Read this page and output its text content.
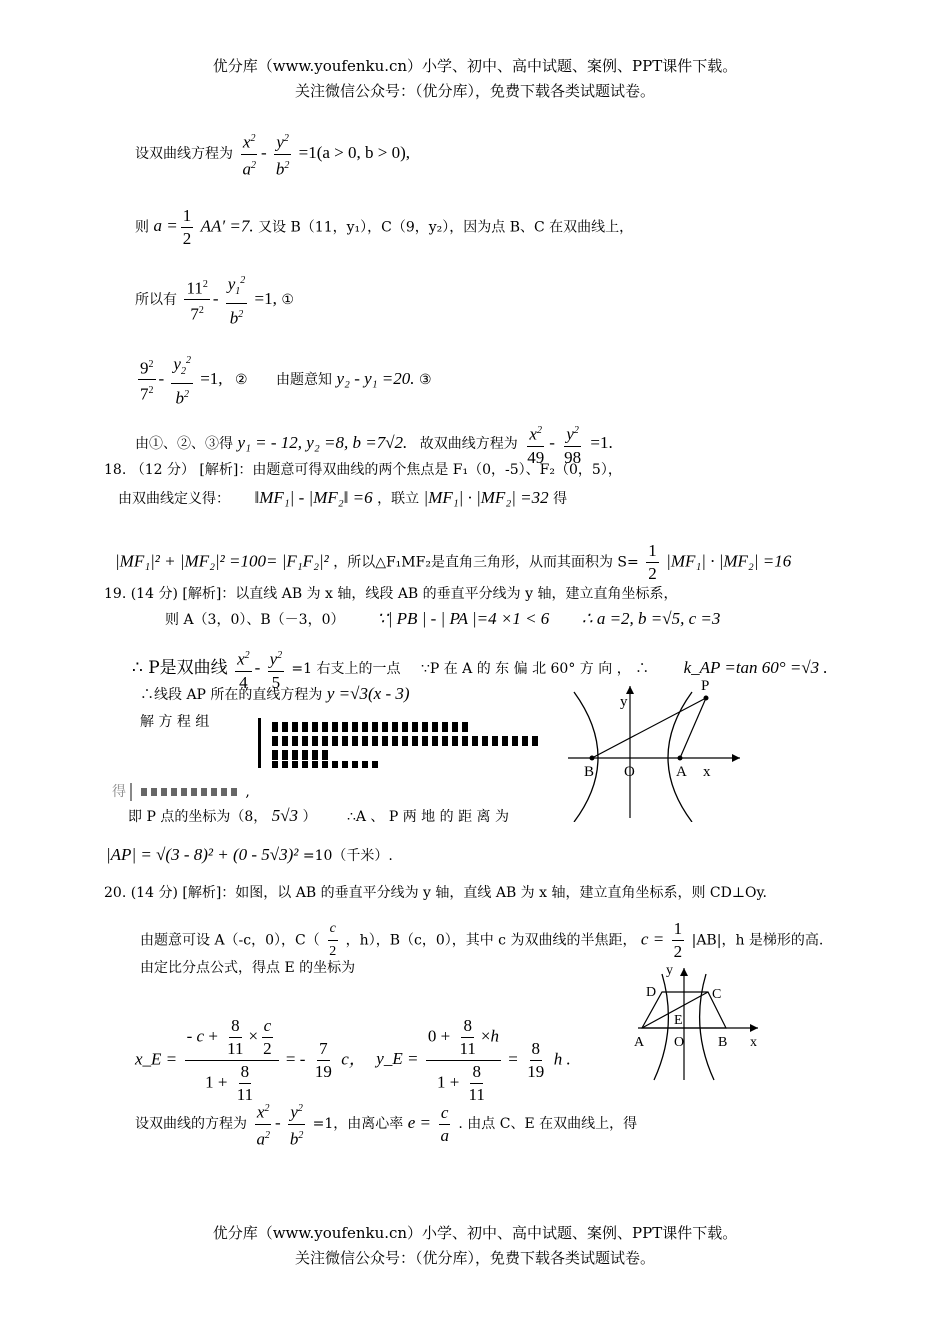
优分库（www.youfenku.cn）小学、初中、高中试题、案例、PPT课件下载。
关注微信公众号：（优分库），免费下载各类试题试卷。
设双曲线方程为 $\frac{x^2}{a^2} - \frac{y^2}{b^2} =1(a > 0$, b > 0),
则 $a = \frac{1}{2} AA' =7$. 又设 B（11，y₁），C（9，y₂），因为点 B、C 在双曲线上，
所以有 $\frac{11^2}{7^2} - \frac{y_1^2}{b^2} =1$, ①
$\frac{9^2}{7^2} - \frac{y_2^2}{b^2} =1$, ② 由题意知 y₂ - y₁ =20. ③
由①、②、③得 y₁ = - 12, y₂ =8, b =7√2. 故双曲线方程为 $\frac{x^2}{49} - \frac{y^2}{98} =1$.
18. （12 分） [解析]：由题意可得双曲线的两个焦点是 F₁（0，-5）、F₂（0，5），
由双曲线定义得： ‖MF₁| - |MF₂‖ =6 ，联立 |MF₁| · |MF₂| =32 得
|MF₁|² + |MF₂|² =100= |F₁F₂|² ，所以△F₁MF₂是直角三角形，从而其面积为 $S= \frac{1}{2} |MF_1| \cdot |MF_2| =16$
19. (14 分) [解析]：以直线 AB 为 x 轴，线段 AB 的垂直平分线为 y 轴，建立直角坐标系，
则 A（3，0）、B（－3，0） ∵| PB | - | PA |=4 ×1 < 6 ∴ a =2, b =√5, c =3
∴ P是双曲线 $\frac{x^2}{4} - \frac{y^2}{5} =1$ 右支上的一点 ∵P 在 A 的 东 偏 北 60° 方 向 ， ∴ k_AP =tan 60° =√3 .
∴线段 AP 所在的直线方程为 y =√3(x - 3)
解 方 程 组
得	,
即 P 点的坐标为（8， 5√3 ） ∴A 、 P 两 地 的 距 离 为
|AP| = √(3 - 8)² + (0 - 5√3)² =10（千米）.
P
y
B O	A x
20. (14 分) [解析]：如图，以 AB 的垂直平分线为 y 轴，直线 AB 为 x 轴，建立直角坐标系，则 CD⊥Oy.
由题意可设 A（-c，0），$C( \frac{c}{2}$ ，h），B（c，0），其中 c 为双曲线的半焦距， $c = \frac{1}{2} |AB|$，h 是梯形的高.
由定比分点公式，得点 E 的坐标为
x_E = $\frac{- c + \frac{8}{11} \times \frac{c}{2}}{1 + \frac{8}{11}}$ = - $\frac{7}{19}$ c， y_E = $\frac{0 + \frac{8}{11} \times h}{1 + \frac{8}{11}} = \frac{8}{19}$ h .
设双曲线的方程为 $\frac{x^2}{a^2} - \frac{y^2}{b^2} =1$，由离心率 $e = \frac{c}{a}$ . 由点 C、E 在双曲线上，得
D	C
E
A O B x
y
优分库（www.youfenku.cn）小学、初中、高中试题、案例、PPT课件下载。
关注微信公众号：（优分库），免费下载各类试题试卷。
